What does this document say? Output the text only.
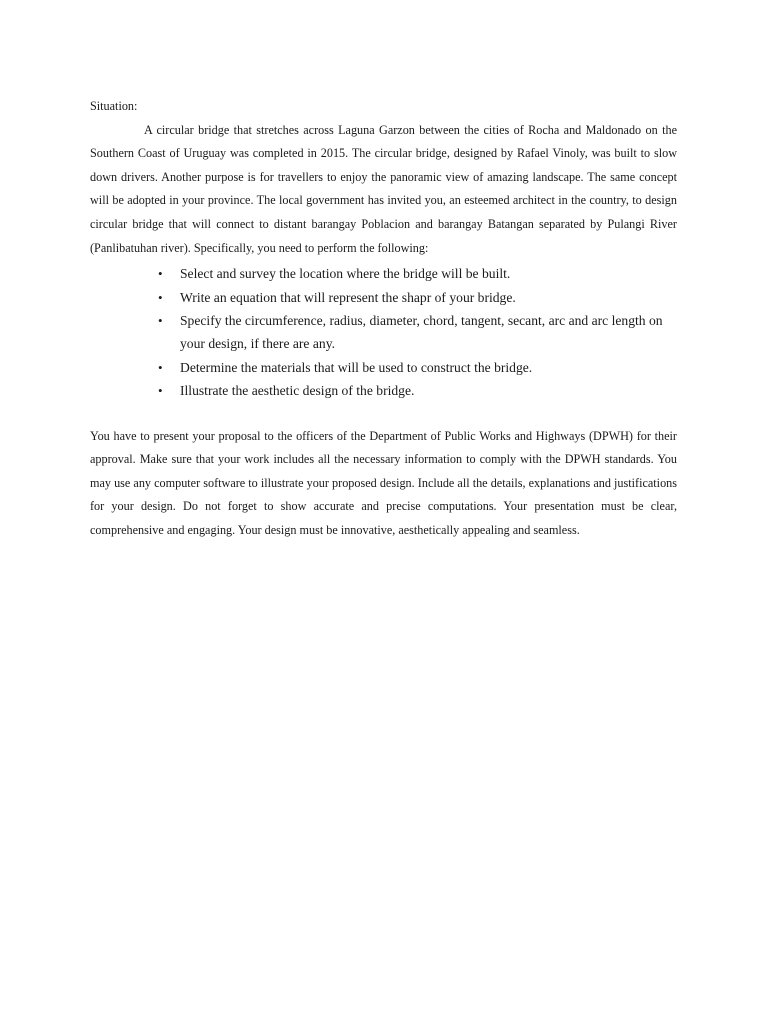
Situation:

A circular bridge that stretches across Laguna Garzon between the cities of Rocha and Maldonado on the Southern Coast of Uruguay was completed in 2015. The circular bridge, designed by Rafael Vinoly, was built to slow down drivers. Another purpose is for travellers to enjoy the panoramic view of amazing landscape. The same concept will be adopted in your province. The local government has invited you, an esteemed architect in the country, to design circular bridge that will connect to distant barangay Poblacion and barangay Batangan separated by Pulangi River (Panlibatuhan river). Specifically, you need to perform the following:

• Select and survey the location where the bridge will be built.
• Write an equation that will represent the shapr of your bridge.
• Specify the circumference, radius, diameter, chord, tangent, secant, arc and arc length on your design, if there are any.
• Determine the materials that will be used to construct the bridge.
• Illustrate the aesthetic design of the bridge.

You have to present your proposal to the officers of the Department of Public Works and Highways (DPWH) for their approval. Make sure that your work includes all the necessary information to comply with the DPWH standards. You may use any computer software to illustrate your proposed design. Include all the details, explanations and justifications for your design. Do not forget to show accurate and precise computations. Your presentation must be clear, comprehensive and engaging. Your design must be innovative, aesthetically appealing and seamless.
